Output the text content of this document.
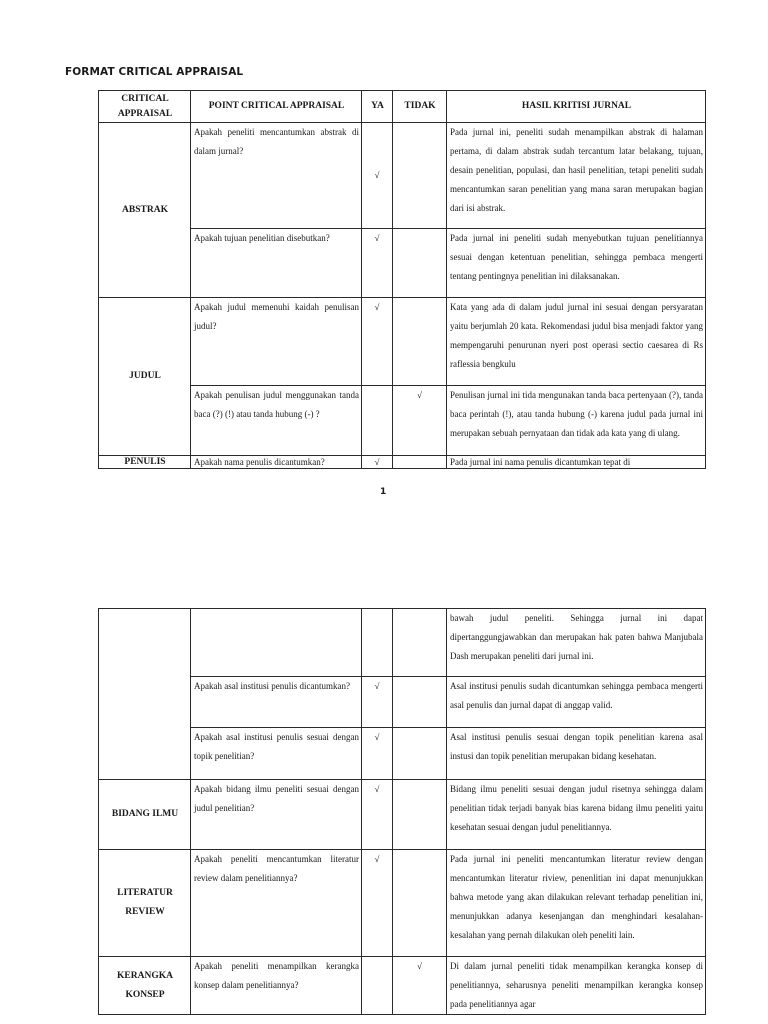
FORMAT CRITICAL APPRAISAL
CRITICAL APPRAISAL	POINT CRITICAL APPRAISAL	YA	TIDAK	HASIL KRITISI JURNAL
ABSTRAK	Apakah peneliti mencantumkan abstrak di dalam jurnal?	√		Pada jurnal ini, peneliti sudah menampilkan abstrak di halaman pertama, di dalam abstrak sudah tercantum latar belakang, tujuan, desain penelitian, populasi, dan hasil penelitian, tetapi peneliti sudah mencantumkan saran penelitian yang mana saran merupakan bagian dari isi abstrak.
	Apakah tujuan penelitian disebutkan?	√		Pada jurnal ini peneliti sudah menyebutkan tujuan penelitiannya sesuai dengan ketentuan penelitian, sehingga pembaca mengerti tentang pentingnya penelitian ini dilaksanakan.
JUDUL	Apakah judul memenuhi kaidah penulisan judul?	√		Kata yang ada di dalam judul jurnal ini sesuai dengan persyaratan yaitu berjumlah 20 kata. Rekomendasi judul bisa menjadi faktor yang mempengaruhi penurunan nyeri post operasi sectio caesarea di Rs raflessia bengkulu
	Apakah penulisan judul menggunakan tanda baca (?) (!) atau tanda hubung (-) ?		√	Penulisan jurnal ini tida mengunakan tanda baca pertenyaan (?), tanda baca perintah (!), atau tanda hubung (-) karena judul pada jurnal ini merupakan sebuah pernyataan dan tidak ada kata yang di ulang.
PENULIS	Apakah nama penulis dicantumkan?	√		Pada jurnal ini nama penulis dicantumkan tepat di
1
				bawah judul peneliti. Sehingga jurnal ini dapat dipertanggungjawabkan dan merupakan hak paten bahwa Manjubala Dash merupakan peneliti dari jurnal ini.
	Apakah asal institusi penulis dicantumkan?	√		Asal institusi penulis sudah dicantumkan sehingga pembaca mengerti asal penulis dan jurnal dapat di anggap valid.
	Apakah asal institusi penulis sesuai dengan topik penelitian?	√		Asal institusi penulis sesuai dengan topik penelitian karena asal instusi dan topik penelitian merupakan bidang kesehatan.
BIDANG ILMU	Apakah bidang ilmu peneliti sesuai dengan judul penelitian?	√		Bidang ilmu peneliti sesuai dengan judul risetnya sehingga dalam penelitian tidak terjadi banyak bias karena bidang ilmu peneliti yaitu kesehatan sesuai dengan judul penelitiannya.
LITERATUR REVIEW	Apakah peneliti mencantumkan literatur review dalam penelitiannya?	√		Pada jurnal ini peneliti mencantumkan literatur review dengan mencantumkan literatur riview, penenlitian ini dapat menunjukkan bahwa metode yang akan dilakukan relevant terhadap penelitian ini, menunjukkan adanya kesenjangan dan menghindari kesalahan-kesalahan yang pernah dilakukan oleh peneliti lain.
KERANGKA KONSEP	Apakah peneliti menampilkan kerangka konsep dalam penelitiannya?		√	Di dalam jurnal peneliti tidak menampilkan kerangka konsep di penelitiannya, seharusnya peneliti menampilkan kerangka konsep pada penelitiannya agar
